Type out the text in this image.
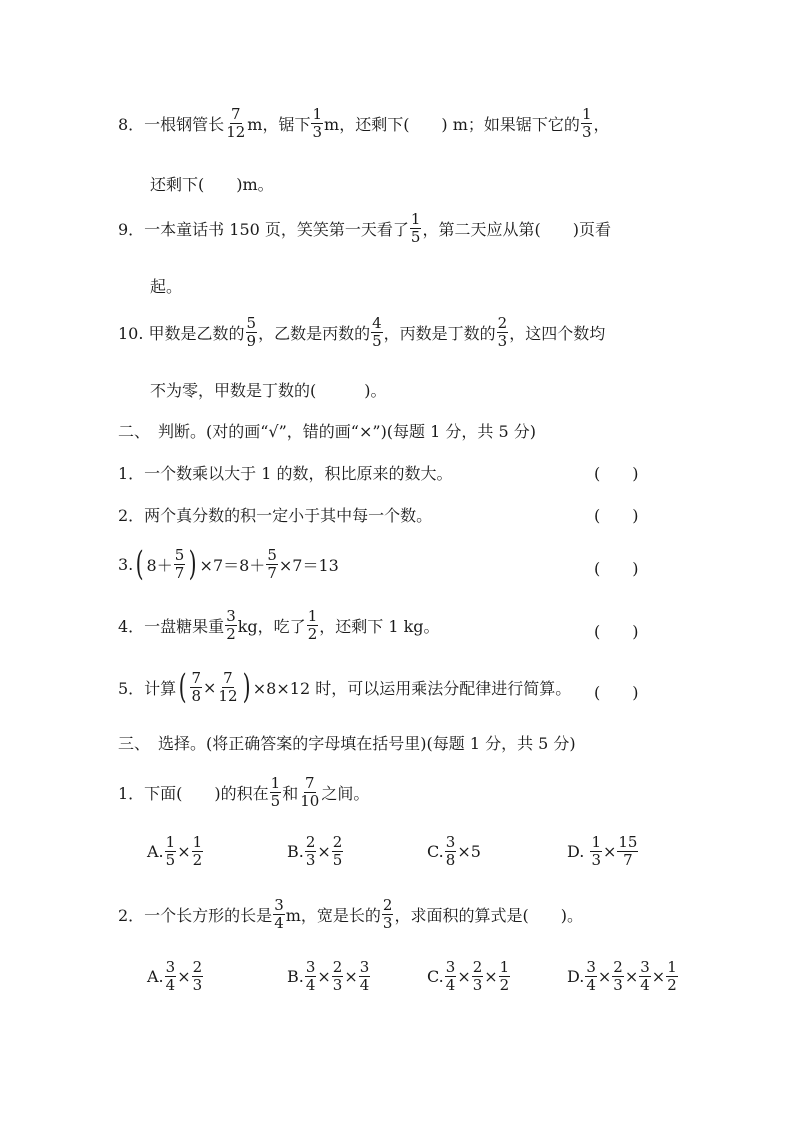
8．一根钢管长 $\frac{7}{12}$ m，锯下 $\frac{1}{3}$ m，还剩下(　　) m；如果锯下它的 $\frac{1}{3}$ ，
还剩下(　　)m。
9．一本童话书 150 页，笑笑第一天看了 $\frac{1}{5}$ ，第二天应从第(　　)页看
起。
10. 甲数是乙数的 $\frac{5}{9}$ ，乙数是丙数的 $\frac{4}{5}$ ，丙数是丁数的 $\frac{2}{3}$ ，这四个数均
不为零，甲数是丁数的(　　　)。
二、　判断。(对的画“√”，错的画“×”)(每题 1 分，共 5 分)
1．一个数乘以大于 1 的数，积比原来的数大。	(　　)
2．两个真分数的积一定小于其中每一个数。	(　　)
3. ( $8+ \frac{5}{7}$ ) $\times 7=8+ \frac{5}{7} \times 7=13$	(　　)
4．一盘糖果重 $\frac{3}{2}$ kg，吃了 $\frac{1}{2}$ ，还剩下 1 kg。	(　　)
5．计算 ( $\frac{7}{8} \times \frac{7}{12}$ ) ×8×12 时，可以运用乘法分配律进行简算。 (　　)
三、　选择。(将正确答案的字母填在括号里)(每题 1 分，共 5 分)
1．下面(　　)的积在 $\frac{1}{5}$ 和 $\frac{7}{10}$ 之间。
A. $\frac{1}{5} \times \frac{1}{2}$	B. $\frac{2}{3} \times \frac{2}{5}$	C. $\frac{3}{8} \times 5$	D. $\frac{1}{3} \times \frac{15}{7}$
2．一个长方形的长是 $\frac{3}{4}$ m，宽是长的 $\frac{2}{3}$ ，求面积的算式是(　　)。
A. $\frac{3}{4} \times \frac{2}{3}$	B. $\frac{3}{4} \times \frac{2}{3} \times \frac{3}{4}$	C. $\frac{3}{4} \times \frac{2}{3} \times \frac{1}{2}$	D. $\frac{3}{4} \times \frac{2}{3} \times \frac{3}{4} \times \frac{1}{2}$
